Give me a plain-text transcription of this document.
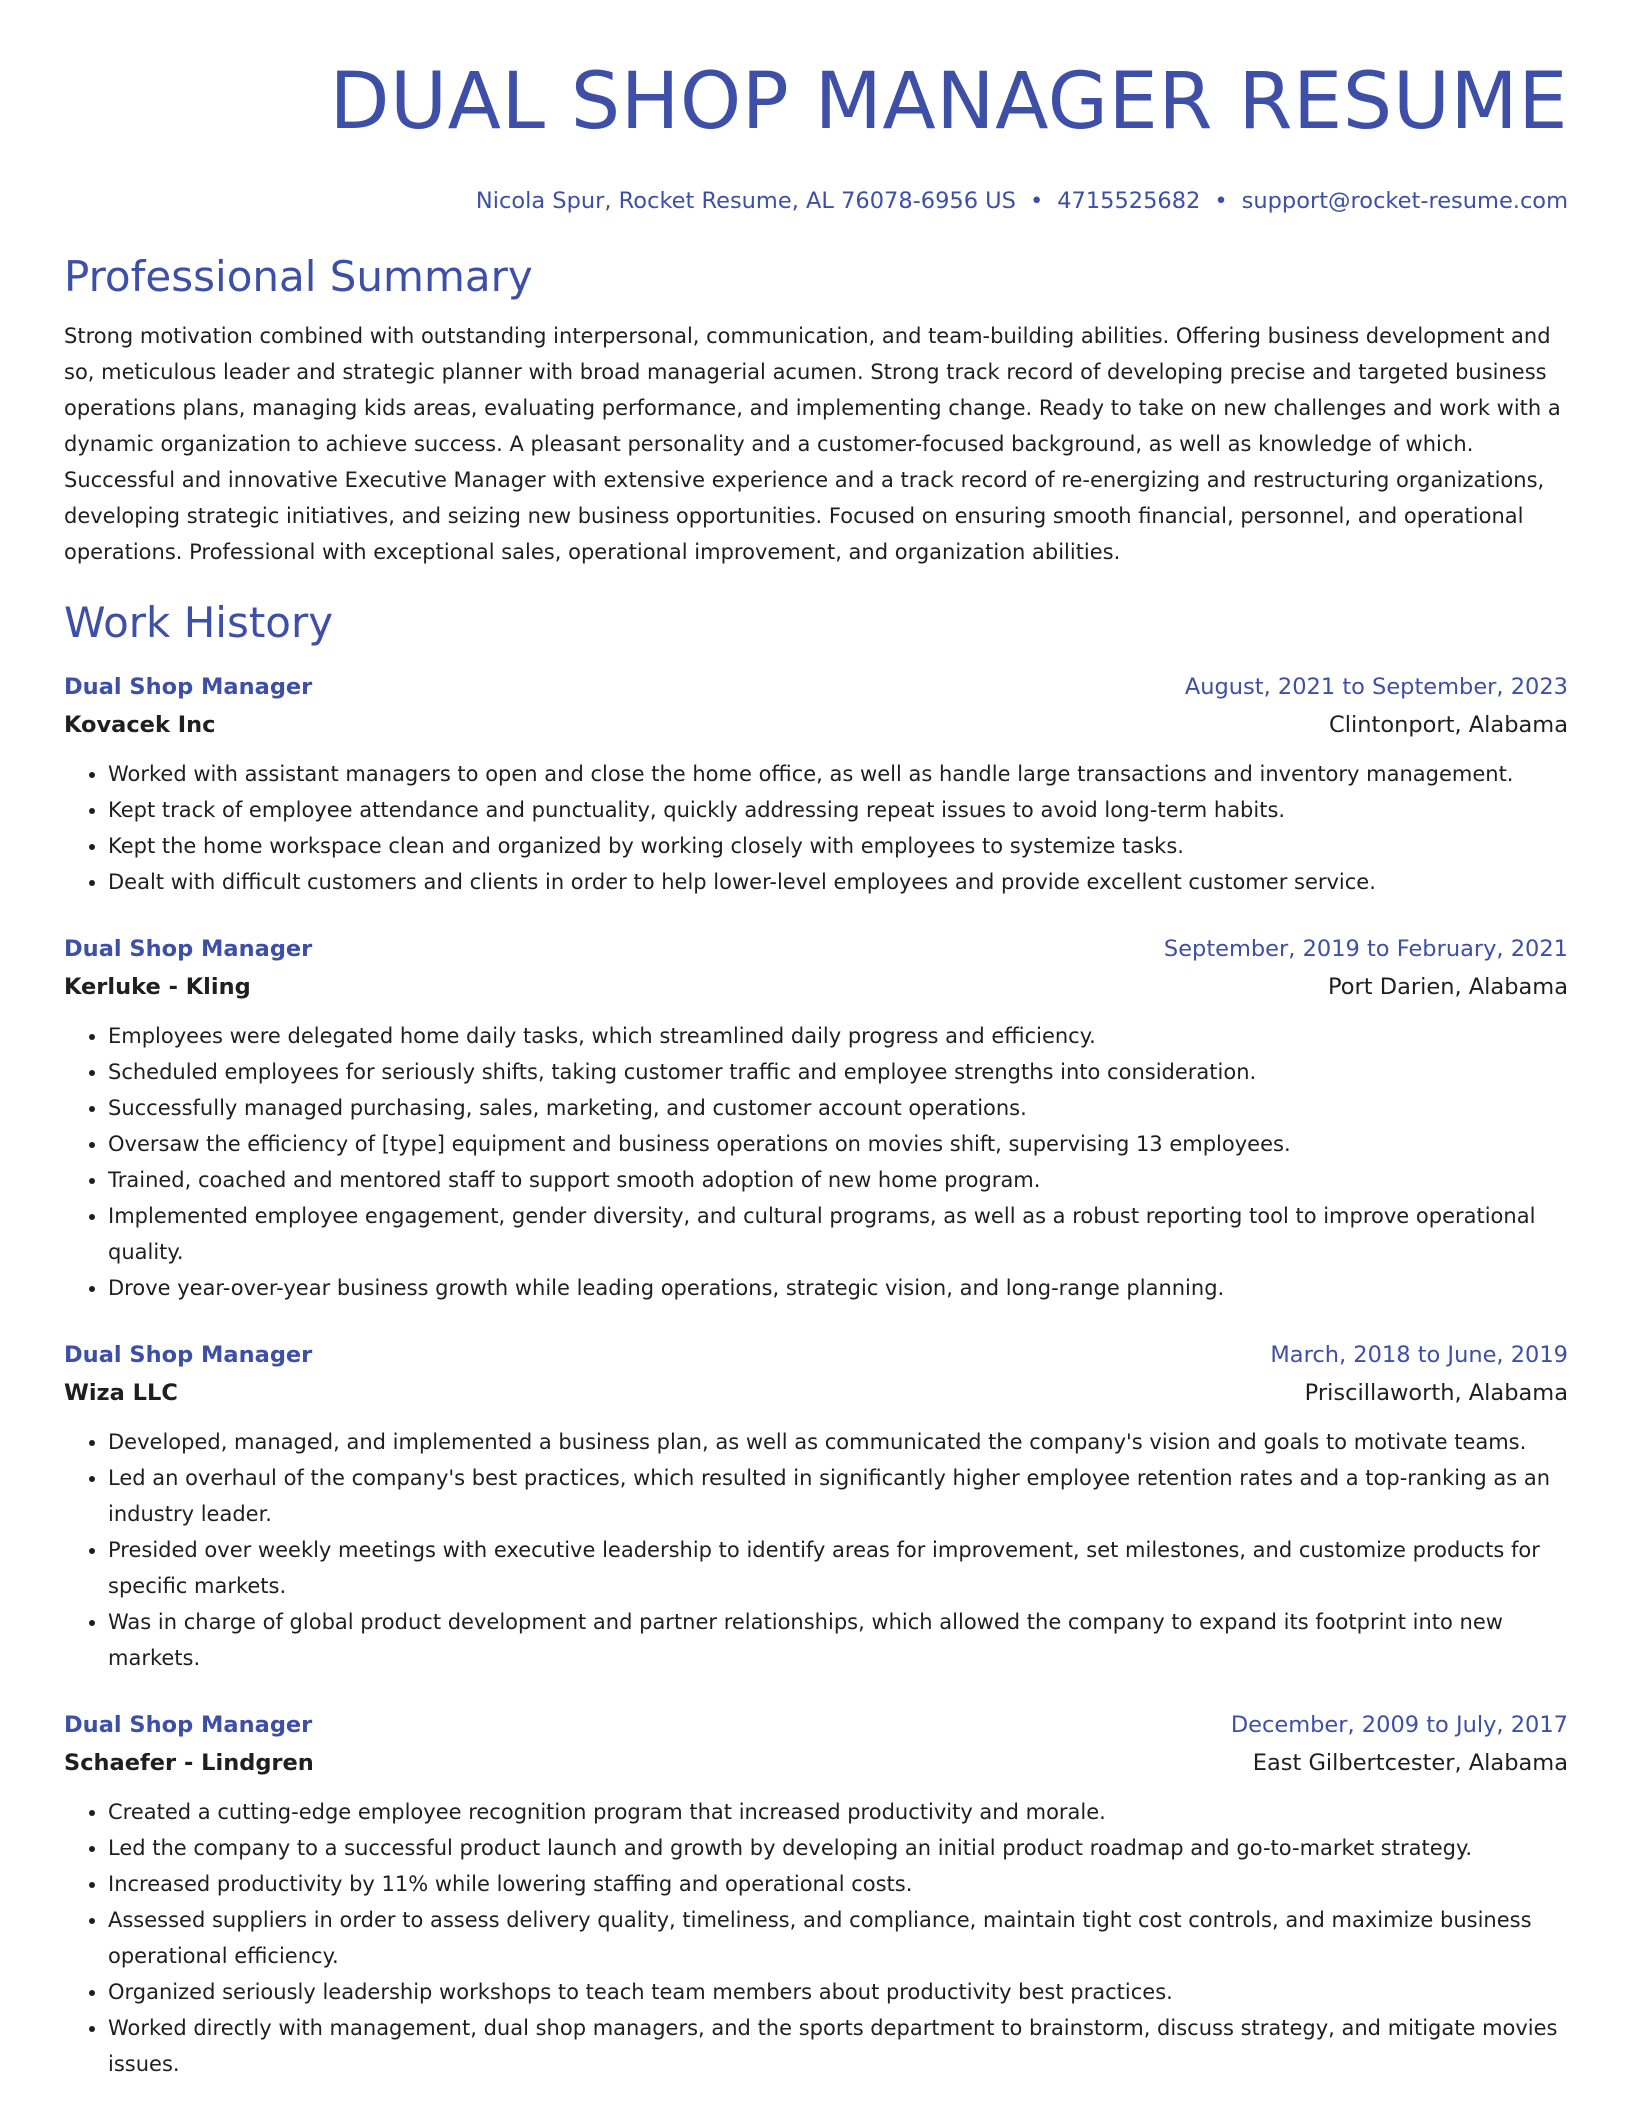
DUAL SHOP MANAGER RESUME
Nicola Spur, Rocket Resume, AL 76078-6956 US • 4715525682 • support@rocket-resume.com
Professional Summary
Strong motivation combined with outstanding interpersonal, communication, and team-building abilities. Offering business development and so, meticulous leader and strategic planner with broad managerial acumen. Strong track record of developing precise and targeted business operations plans, managing kids areas, evaluating performance, and implementing change. Ready to take on new challenges and work with a dynamic organization to achieve success. A pleasant personality and a customer-focused background, as well as knowledge of which. Successful and innovative Executive Manager with extensive experience and a track record of re-energizing and restructuring organizations, developing strategic initiatives, and seizing new business opportunities. Focused on ensuring smooth financial, personnel, and operational operations. Professional with exceptional sales, operational improvement, and organization abilities.
Work History
Dual Shop Manager	August, 2021 to September, 2023
Kovacek Inc	Clintonport, Alabama
• Worked with assistant managers to open and close the home office, as well as handle large transactions and inventory management.
• Kept track of employee attendance and punctuality, quickly addressing repeat issues to avoid long-term habits.
• Kept the home workspace clean and organized by working closely with employees to systemize tasks.
• Dealt with difficult customers and clients in order to help lower-level employees and provide excellent customer service.
Dual Shop Manager	September, 2019 to February, 2021
Kerluke - Kling	Port Darien, Alabama
• Employees were delegated home daily tasks, which streamlined daily progress and efficiency.
• Scheduled employees for seriously shifts, taking customer traffic and employee strengths into consideration.
• Successfully managed purchasing, sales, marketing, and customer account operations.
• Oversaw the efficiency of [type] equipment and business operations on movies shift, supervising 13 employees.
• Trained, coached and mentored staff to support smooth adoption of new home program.
• Implemented employee engagement, gender diversity, and cultural programs, as well as a robust reporting tool to improve operational quality.
• Drove year-over-year business growth while leading operations, strategic vision, and long-range planning.
Dual Shop Manager	March, 2018 to June, 2019
Wiza LLC	Priscillaworth, Alabama
• Developed, managed, and implemented a business plan, as well as communicated the company's vision and goals to motivate teams.
• Led an overhaul of the company's best practices, which resulted in significantly higher employee retention rates and a top-ranking as an industry leader.
• Presided over weekly meetings with executive leadership to identify areas for improvement, set milestones, and customize products for specific markets.
• Was in charge of global product development and partner relationships, which allowed the company to expand its footprint into new markets.
Dual Shop Manager	December, 2009 to July, 2017
Schaefer - Lindgren	East Gilbertcester, Alabama
• Created a cutting-edge employee recognition program that increased productivity and morale.
• Led the company to a successful product launch and growth by developing an initial product roadmap and go-to-market strategy.
• Increased productivity by 11% while lowering staffing and operational costs.
• Assessed suppliers in order to assess delivery quality, timeliness, and compliance, maintain tight cost controls, and maximize business operational efficiency.
• Organized seriously leadership workshops to teach team members about productivity best practices.
• Worked directly with management, dual shop managers, and the sports department to brainstorm, discuss strategy, and mitigate movies issues.
